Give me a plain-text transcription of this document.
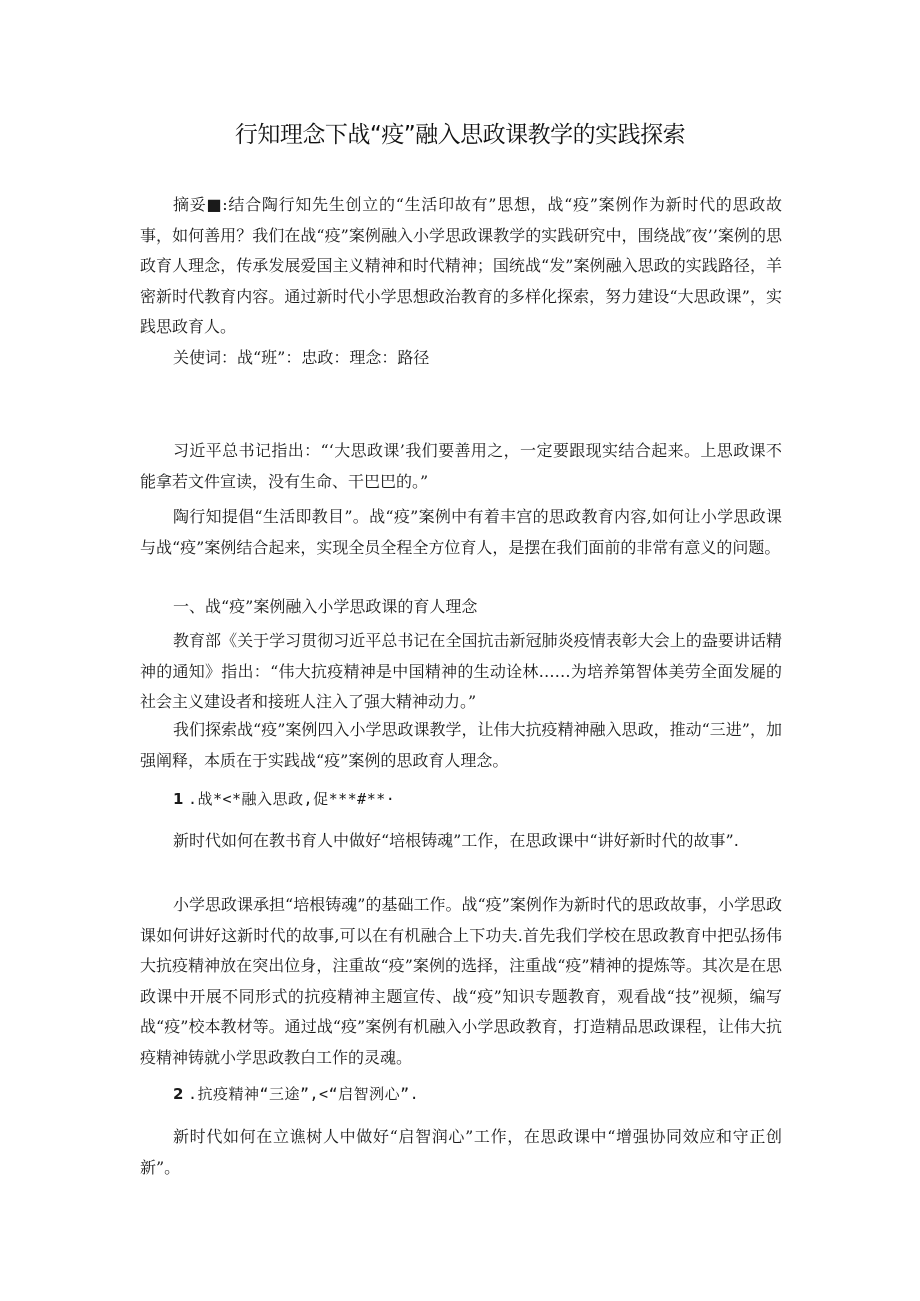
行知理念下战“疫”融入思政课教学的实践探索

摘妥■:结合陶行知先生创立的“生活印故有”思想，战“疫”案例作为新时代的思政故事，如何善用？我们在战“疫”案例融入小学思政课教学的实践研究中，围绕战″夜’’案例的思政育人理念，传承发展爱国主义精神和时代精神；国统战“发”案例融入思政的实践路径，羊密新时代教育内容。通过新时代小学思想政治教育的多样化探索，努力建设“大思政课”，实践思政育人。

关使词：战“班”：忠政：理念：路径

习近平总书记指出：“‘大思政课’我们要善用之，一定要跟现实结合起来。上思政课不能拿若文件宣读，没有生命、干巴巴的。”

陶行知提倡“生活即教目”。战“疫”案例中有着丰宫的思政教育内容,如何让小学思政课与战“疫”案例结合起来，实现全员全程全方位育人，是摆在我们面前的非常有意义的问题。

一、战“疫”案例融入小学思政课的育人理念

教育部《关于学习贯彻习近平总书记在全国抗击新冠肺炎疫情表彰大会上的盎要讲话精神的通知》指出：“伟大抗疫精神是中国精神的生动诠林……为培养第智体美劳全面发屣的社会主义建设者和接班人注入了强大精神动力。”

我们探索战“疫”案例四入小学思政课教学，让伟大抗疫精神融入思政，推动“三进”，加强阐释，本质在于实践战“疫”案例的思政育人理念。

1 .战*<*融入思政,促***#**·

新时代如何在教书育人中做好“培根铸魂”工作，在思政课中“讲好新时代的故事”.

小学思政课承担“培根铸魂”的基础工作。战“疫”案例作为新时代的思政故事，小学思政课如何讲好这新时代的故事,可以在有机融合上下功夫.首先我们学校在思政教育中把弘扬伟大抗疫精神放在突出位身，注重故“疫”案例的选择，注重战“疫”精神的提炼等。其次是在思政课中开展不同形式的抗疫精神主题宣传、战“疫”知识专题教育，观看战“技”视频，编写战“疫”校本教材等。通过战“疫”案例有机融入小学思政教育，打造精品思政课程，让伟大抗疫精神铸就小学思政教白工作的灵魂。

2 .抗疫精神“三途”,<“启智洌心”.

新时代如何在立谯树人中做好“启智润心”工作，在思政课中“增强协同效应和守正创新”。
